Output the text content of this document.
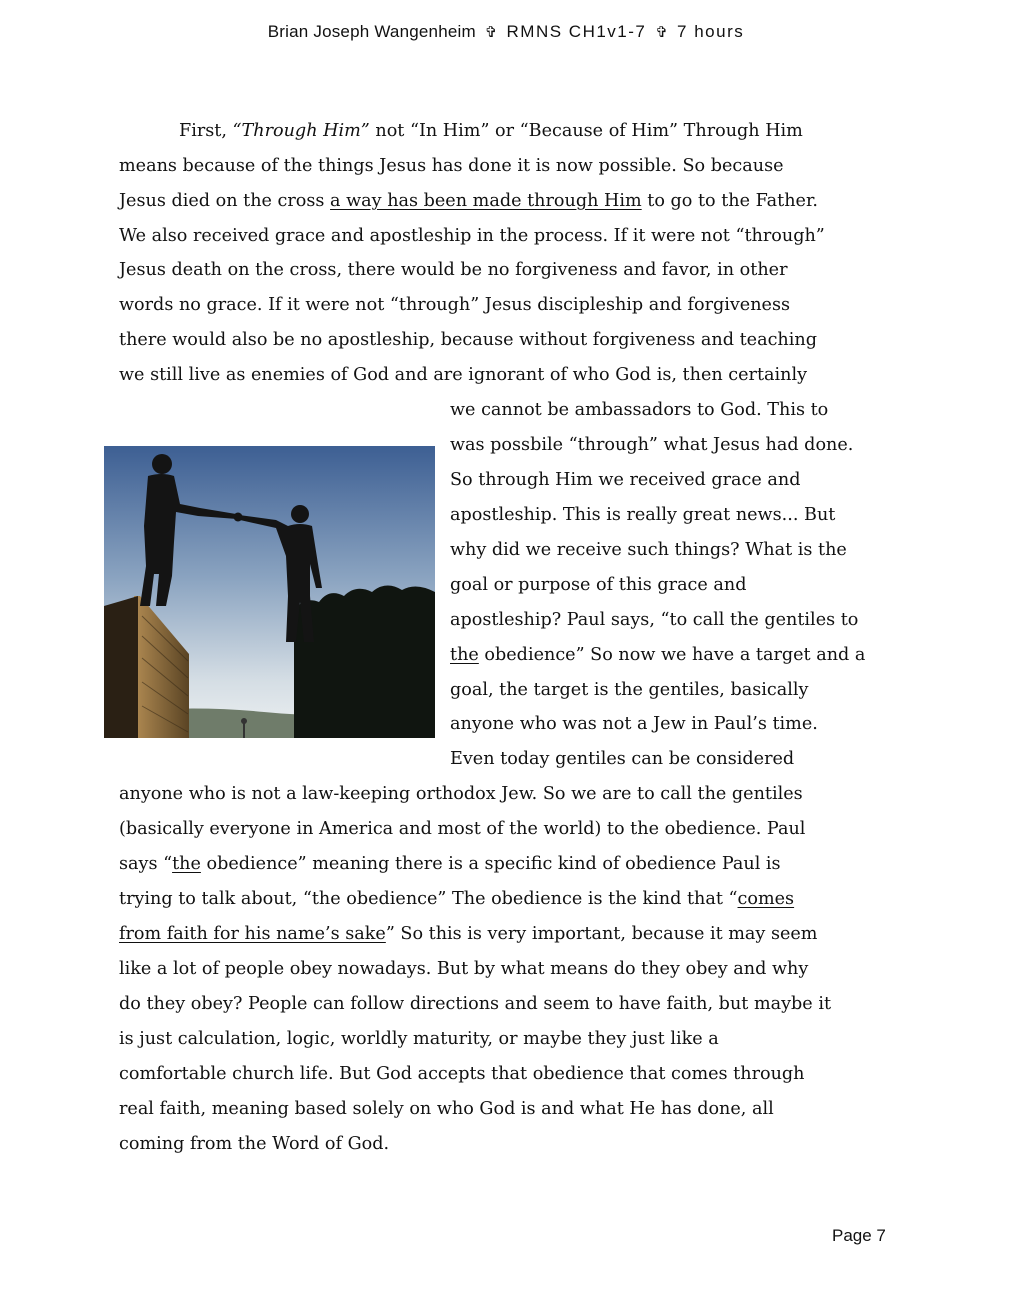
Brian Joseph Wangenheim ✞ RMNS CH1v1-7 ✞ 7 hours
First, “Through Him” not “In Him” or “Because of Him” Through Him
means because of the things Jesus has done it is now possible. So because
Jesus died on the cross a way has been made through Him to go to the Father.
We also received grace and apostleship in the process. If it were not “through”
Jesus death on the cross, there would be no forgiveness and favor, in other
words no grace. If it were not “through” Jesus discipleship and forgiveness
there would also be no apostleship, because without forgiveness and teaching
we still live as enemies of God and are ignorant of who God is, then certainly
we cannot be ambassadors to God. This to
was possbile “through” what Jesus had done.
So through Him we received grace and
apostleship. This is really great news... But
why did we receive such things? What is the
goal or purpose of this grace and
apostleship? Paul says, “to call the gentiles to
the obedience” So now we have a target and a
goal, the target is the gentiles, basically
anyone who was not a Jew in Paul’s time.
Even today gentiles can be considered
anyone who is not a law-keeping orthodox Jew. So we are to call the gentiles
(basically everyone in America and most of the world) to the obedience. Paul
says “the obedience” meaning there is a specific kind of obedience Paul is
trying to talk about, “the obedience” The obedience is the kind that “comes
from faith for his name’s sake” So this is very important, because it may seem
like a lot of people obey nowadays. But by what means do they obey and why
do they obey? People can follow directions and seem to have faith, but maybe it
is just calculation, logic, worldly maturity, or maybe they just like a
comfortable church life. But God accepts that obedience that comes through
real faith, meaning based solely on who God is and what He has done, all
coming from the Word of God.
Page 7
